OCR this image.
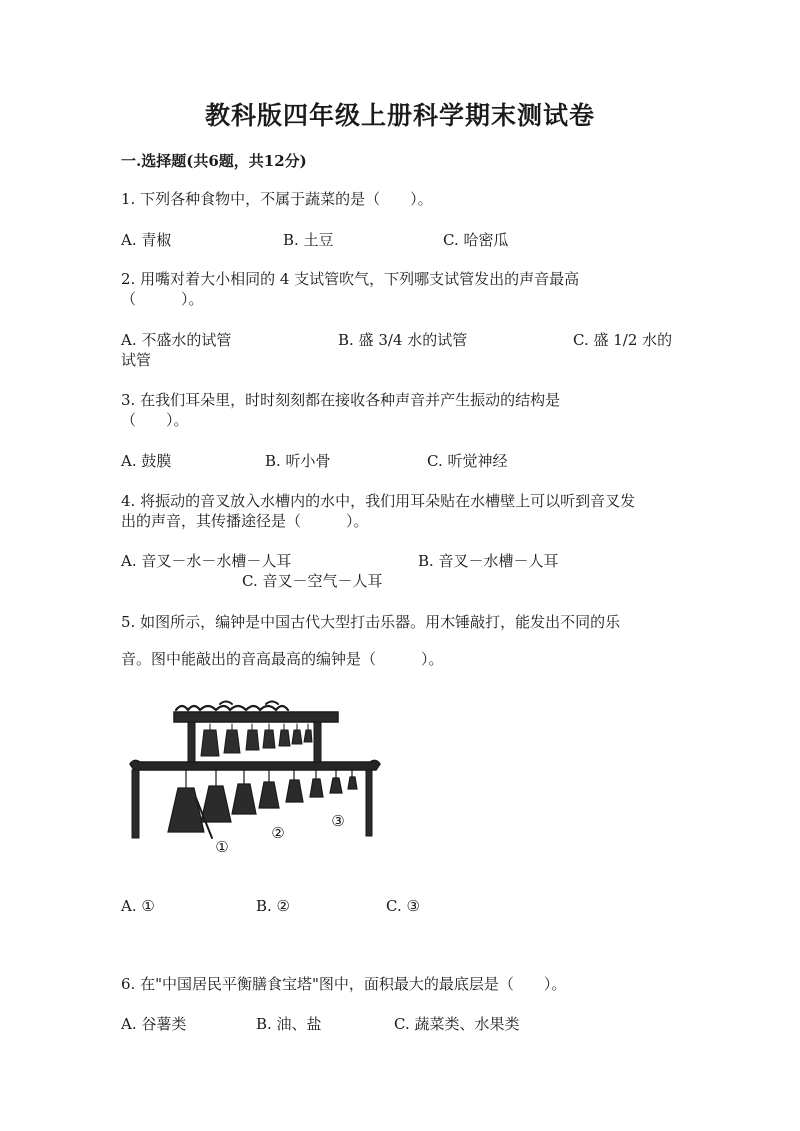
教科版四年级上册科学期末测试卷
一.选择题(共6题，共12分)
1. 下列各种食物中，不属于蔬菜的是（　　）。
A. 青椒	B. 土豆	C. 哈密瓜
2. 用嘴对着大小相同的 4 支试管吹气，下列哪支试管发出的声音最高
（　　　）。
A. 不盛水的试管	B. 盛 3/4 水的试管	C. 盛 1/2 水的
试管
3. 在我们耳朵里，时时刻刻都在接收各种声音并产生振动的结构是
（　　）。
A. 鼓膜	B. 听小骨	C. 听觉神经
4. 将振动的音叉放入水槽内的水中，我们用耳朵贴在水槽壁上可以听到音叉发
出的声音，其传播途径是（　　　）。
A. 音叉－水－水槽－人耳	B. 音叉－水槽－人耳
C. 音叉－空气－人耳
5. 如图所示，编钟是中国古代大型打击乐器。用木锤敲打，能发出不同的乐
音。图中能敲出的音高最高的编钟是（　　　）。
①
②
③
A. ①	B. ②	C. ③
6. 在"中国居民平衡膳食宝塔"图中，面积最大的最底层是（　　）。
A. 谷薯类	B. 油、盐	C. 蔬菜类、水果类
